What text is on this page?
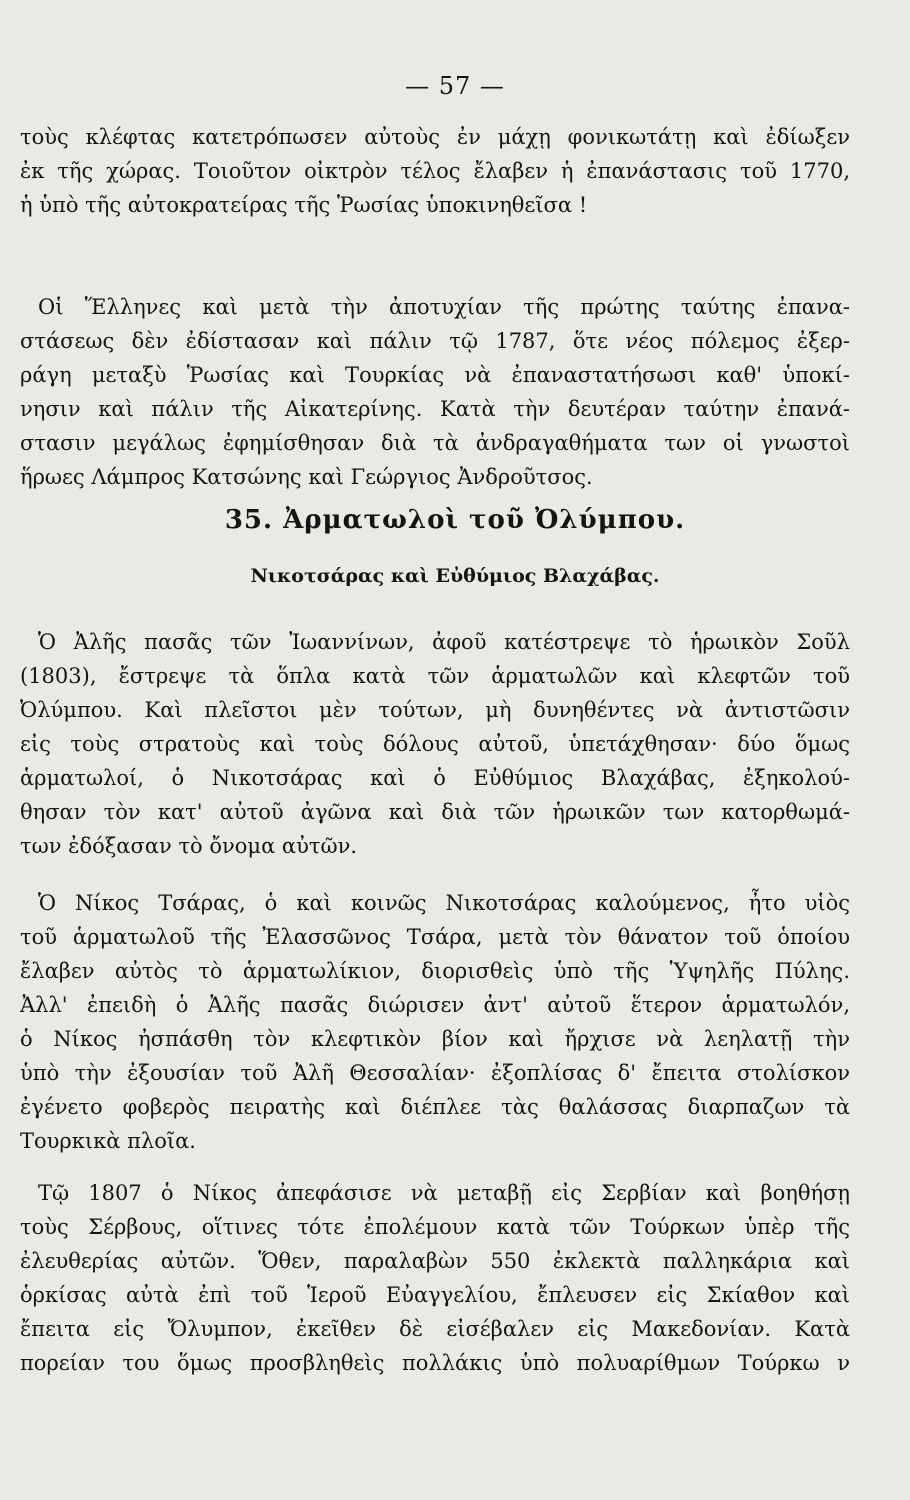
— 57 —
τοὺς κλέφτας κατετρόπωσεν αὐτοὺς ἐν μάχῃ φονικωτάτῃ καὶ ἐδίωξεν
ἐκ τῆς χώρας. Τοιοῦτον οἰκτρὸν τέλος ἔλαβεν ἡ ἐπανάστασις τοῦ 1770,
ἡ ὑπὸ τῆς αὐτοκρατείρας τῆς Ῥωσίας ὑποκινηθεῖσα !
Οἱ Ἕλληνες καὶ μετὰ τὴν ἀποτυχίαν τῆς πρώτης ταύτης ἐπανα-
στάσεως δὲν ἐδίστασαν καὶ πάλιν τῷ 1787, ὅτε νέος πόλεμος ἐξερ-
ράγη μεταξὺ Ῥωσίας καὶ Τουρκίας νὰ ἐπαναστατήσωσι καθ' ὑποκί-
νησιν καὶ πάλιν τῆς Αἰκατερίνης. Κατὰ τὴν δευτέραν ταύτην ἐπανά-
στασιν μεγάλως ἐφημίσθησαν διὰ τὰ ἀνδραγαθήματα των οἱ γνωστοὶ
ἥρωες Λάμπρος Κατσώνης καὶ Γεώργιος Ἀνδροῦτσος.
35. Ἀρματωλοὶ τοῦ Ὀλύμπου.
Νικοτσάρας καὶ Εὐθύμιος Βλαχάβας.
Ὁ Ἀλῆς πασᾶς τῶν Ἰωαννίνων, ἀφοῦ κατέστρεψε τὸ ἡρωικὸν Σοῦλ
(1803), ἔστρεψε τὰ ὅπλα κατὰ τῶν ἁρματωλῶν καὶ κλεφτῶν τοῦ
Ὀλύμπου. Καὶ πλεῖστοι μὲν τούτων, μὴ δυνηθέντες νὰ ἀντιστῶσιν
εἰς τοὺς στρατοὺς καὶ τοὺς δόλους αὐτοῦ, ὑπετάχθησαν· δύο ὅμως
ἁρματωλοί, ὁ Νικοτσάρας καὶ ὁ Εὐθύμιος Βλαχάβας, ἐξηκολού-
θησαν τὸν κατ' αὐτοῦ ἀγῶνα καὶ διὰ τῶν ἡρωικῶν των κατορθωμά-
των ἐδόξασαν τὸ ὄνομα αὐτῶν.
Ὁ Νίκος Τσάρας, ὁ καὶ κοινῶς Νικοτσάρας καλούμενος, ἦτο υἱὸς
τοῦ ἁρματωλοῦ τῆς Ἐλασσῶνος Τσάρα, μετὰ τὸν θάνατον τοῦ ὁποίου
ἔλαβεν αὐτὸς τὸ ἁρματωλίκιον, διορισθεὶς ὑπὸ τῆς Ὑψηλῆς Πύλης.
Ἀλλ' ἐπειδὴ ὁ Ἀλῆς πασᾶς διώρισεν ἀντ' αὐτοῦ ἕτερον ἁρματωλόν,
ὁ Νίκος ἠσπάσθη τὸν κλεφτικὸν βίον καὶ ἤρχισε νὰ λεηλατῇ τὴν
ὑπὸ τὴν ἐξουσίαν τοῦ Ἀλῆ Θεσσαλίαν· ἐξοπλίσας δ' ἔπειτα στολίσκον
ἐγένετο φοβερὸς πειρατὴς καὶ διέπλεε τὰς θαλάσσας διαρπαζων τὰ
Τουρκικὰ πλοῖα.
Τῷ 1807 ὁ Νίκος ἀπεφάσισε νὰ μεταβῇ εἰς Σερβίαν καὶ βοηθήσῃ
τοὺς Σέρβους, οἵτινες τότε ἐπολέμουν κατὰ τῶν Τούρκων ὑπὲρ τῆς
ἐλευθερίας αὐτῶν. Ὅθεν, παραλαβὼν 550 ἐκλεκτὰ παλληκάρια καὶ
ὁρκίσας αὐτὰ ἐπὶ τοῦ Ἱεροῦ Εὐαγγελίου, ἔπλευσεν εἰς Σκίαθον καὶ
ἔπειτα εἰς Ὄλυμπον, ἐκεῖθεν δὲ εἰσέβαλεν εἰς Μακεδονίαν. Κατὰ
πορείαν του ὅμως προσβληθεὶς πολλάκις ὑπὸ πολυαρίθμων Τούρκω ν
